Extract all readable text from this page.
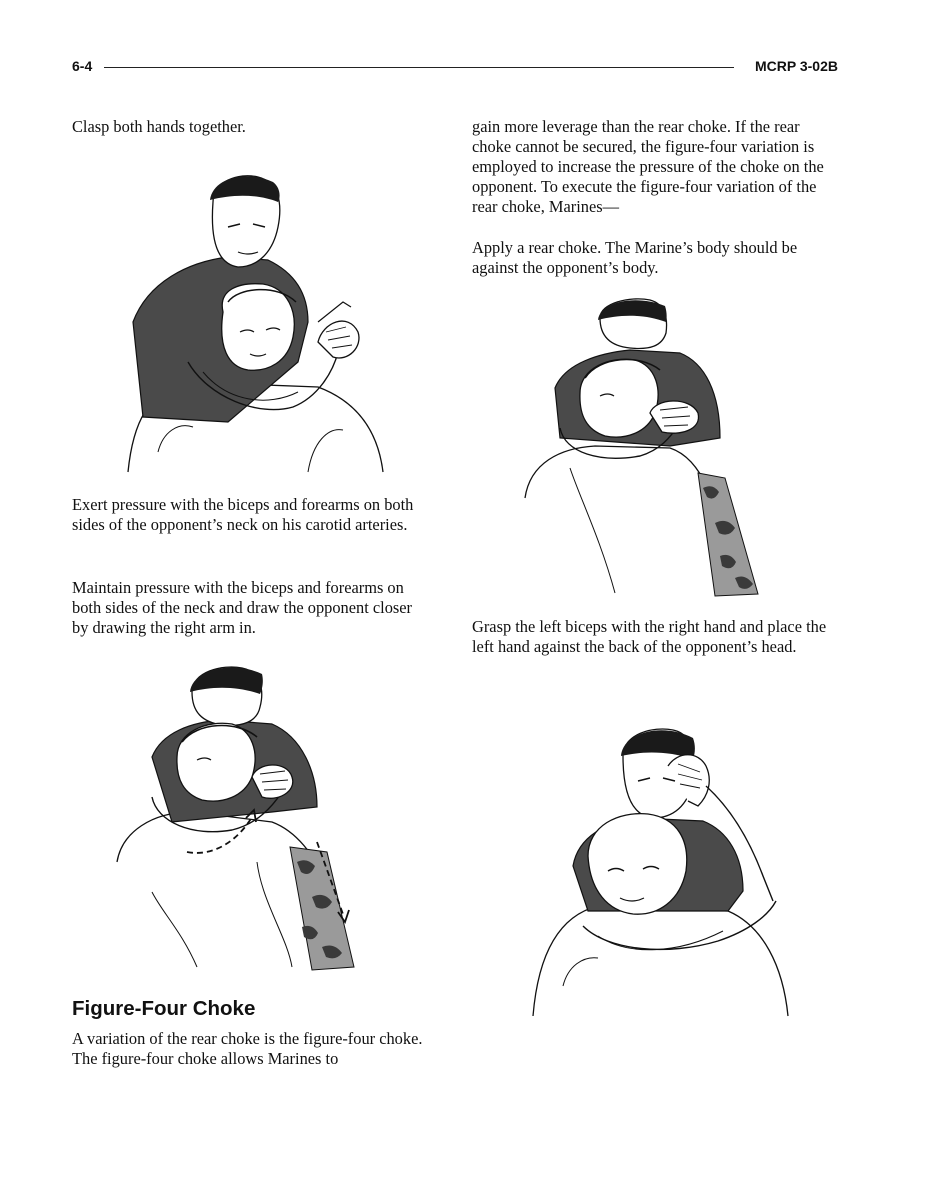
6-4	MCRP 3-02B

Clasp both hands together.

Exert pressure with the biceps and forearms on both sides of the opponent’s neck on his carotid arteries.

Maintain pressure with the biceps and forearms on both sides of the neck and draw the opponent closer by drawing the right arm in.

Figure-Four Choke

A variation of the rear choke is the figure-four choke. The figure-four choke allows Marines to

gain more leverage than the rear choke. If the rear choke cannot be secured, the figure-four variation is employed to increase the pressure of the choke on the opponent. To execute the figure-four variation of the rear choke, Marines—

Apply a rear choke. The Marine’s body should be against the opponent’s body.

Grasp the left biceps with the right hand and place the left hand against the back of the opponent’s head.
